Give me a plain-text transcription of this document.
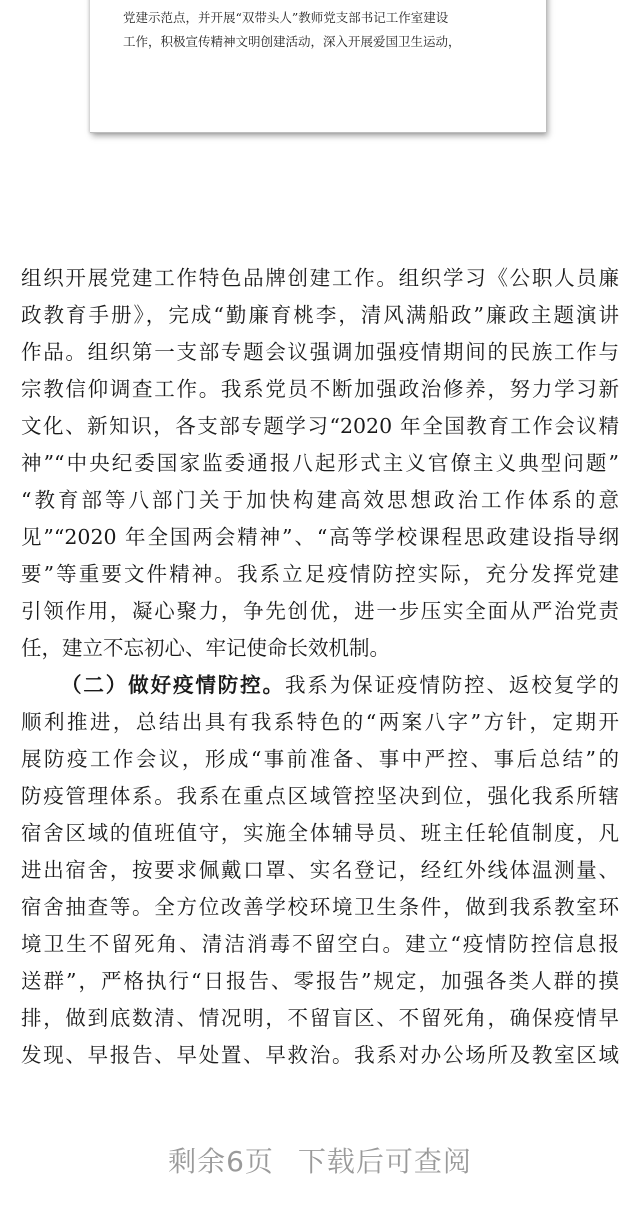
党建示范点，并开展“双带头人”教师党支部书记工作室建设
工作，积极宣传精神文明创建活动，深入开展爱国卫生运动，
组织开展党建工作特色品牌创建工作。组织学习《公职人员廉
政教育手册》，完成“勤廉育桃李，清风满船政”廉政主题演讲
作品。组织第一支部专题会议强调加强疫情期间的民族工作与
宗教信仰调查工作。我系党员不断加强政治修养，努力学习新
文化、新知识，各支部专题学习“2020 年全国教育工作会议精
神”“中央纪委国家监委通报八起形式主义官僚主义典型问题”
“教育部等八部门关于加快构建高效思想政治工作体系的意
见”“2020 年全国两会精神”、“高等学校课程思政建设指导纲
要”等重要文件精神。我系立足疫情防控实际，充分发挥党建
引领作用，凝心聚力，争先创优，进一步压实全面从严治党责
任，建立不忘初心、牢记使命长效机制。
（二）做好疫情防控。我系为保证疫情防控、返校复学的
顺利推进，总结出具有我系特色的“两案八字”方针，定期开
展防疫工作会议，形成“事前准备、事中严控、事后总结”的
防疫管理体系。我系在重点区域管控坚决到位，强化我系所辖
宿舍区域的值班值守，实施全体辅导员、班主任轮值制度，凡
进出宿舍，按要求佩戴口罩、实名登记，经红外线体温测量、
宿舍抽查等。全方位改善学校环境卫生条件，做到我系教室环
境卫生不留死角、清洁消毒不留空白。建立“疫情防控信息报
送群”，严格执行“日报告、零报告”规定，加强各类人群的摸
排，做到底数清、情况明，不留盲区、不留死角，确保疫情早
发现、早报告、早处置、早救治。我系对办公场所及教室区域
剩余6页 下载后可查阅
